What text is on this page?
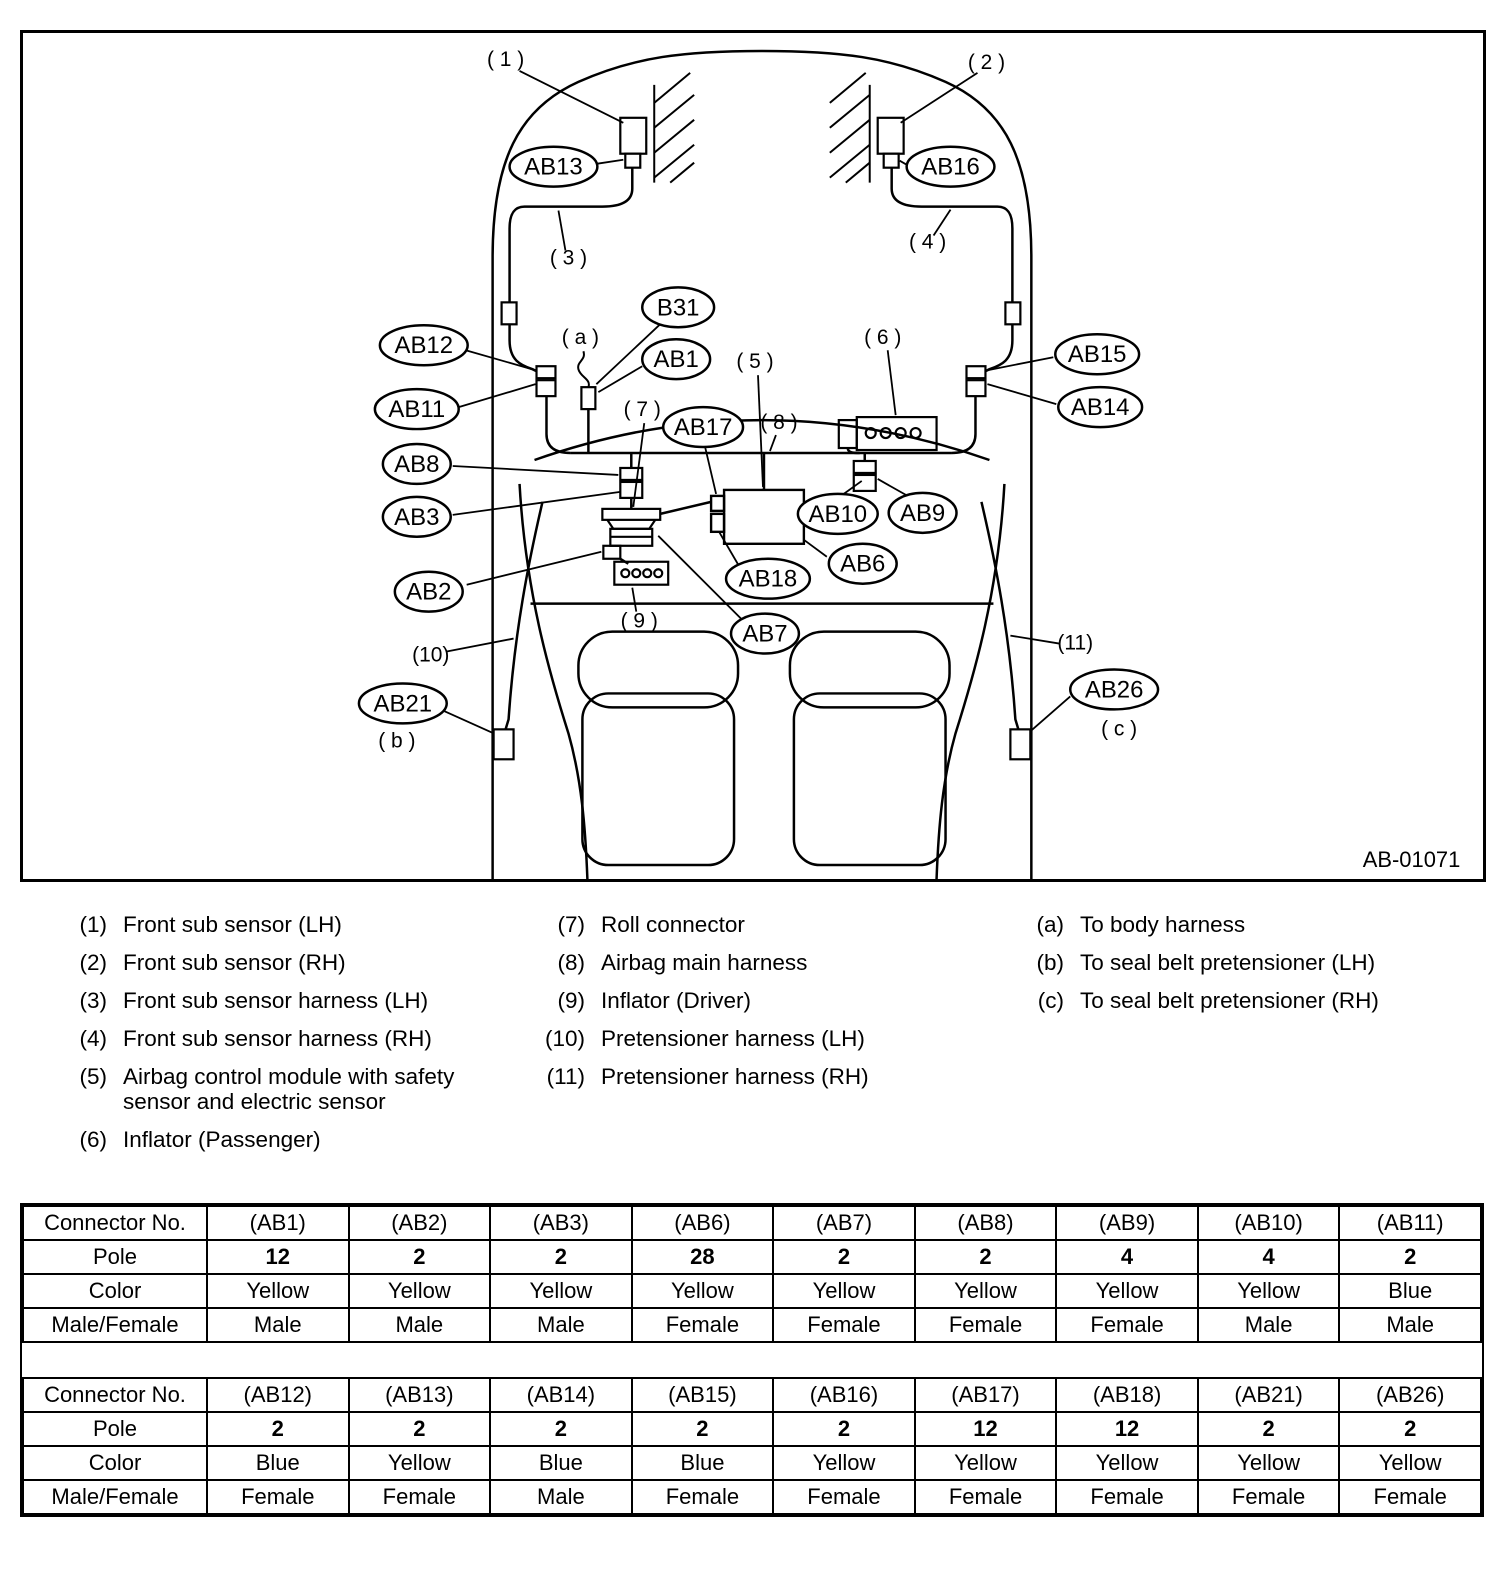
AB13	AB16
AB12
AB11
B31
AB1
AB17
AB15
AB14
AB8
AB3	AB10 AB9
AB6
AB2	AB18
AB7
AB21
AB26
( 1 )	( 2 )
( 3 )
( 4 )
( a )
( 5 )
( 6 )
( 7 )
( 8 )
( 9 )
(10)
(11)
( b )
( c )
AB-01071
(1) Front sub sensor (LH)
(2) Front sub sensor (RH)
(3) Front sub sensor harness (LH)
(4) Front sub sensor harness (RH)
(5) Airbag control module with safety sensor and electric sensor
(6) Inflator (Passenger)
(7) Roll connector
(8) Airbag main harness
(9) Inflator (Driver)
(10) Pretensioner harness (LH)
(11) Pretensioner harness (RH)
(a) To body harness
(b) To seal belt pretensioner (LH)
(c) To seal belt pretensioner (RH)
Connector No.	(AB1)	(AB2)	(AB3)	(AB6)	(AB7)	(AB8)	(AB9)	(AB10)	(AB11)
Pole	12	2	2	28	2	2	4	4	2
Color	Yellow	Yellow	Yellow	Yellow	Yellow	Yellow	Yellow	Yellow	Blue
Male/Female	Male	Male	Male	Female	Female	Female	Female	Male	Male
Connector No.	(AB12)	(AB13)	(AB14)	(AB15)	(AB16)	(AB17)	(AB18)	(AB21)	(AB26)
Pole	2	2	2	2	2	12	12	2	2
Color	Blue	Yellow	Blue	Blue	Yellow	Yellow	Yellow	Yellow	Yellow
Male/Female	Female	Female	Male	Female	Female	Female	Female	Female	Female
